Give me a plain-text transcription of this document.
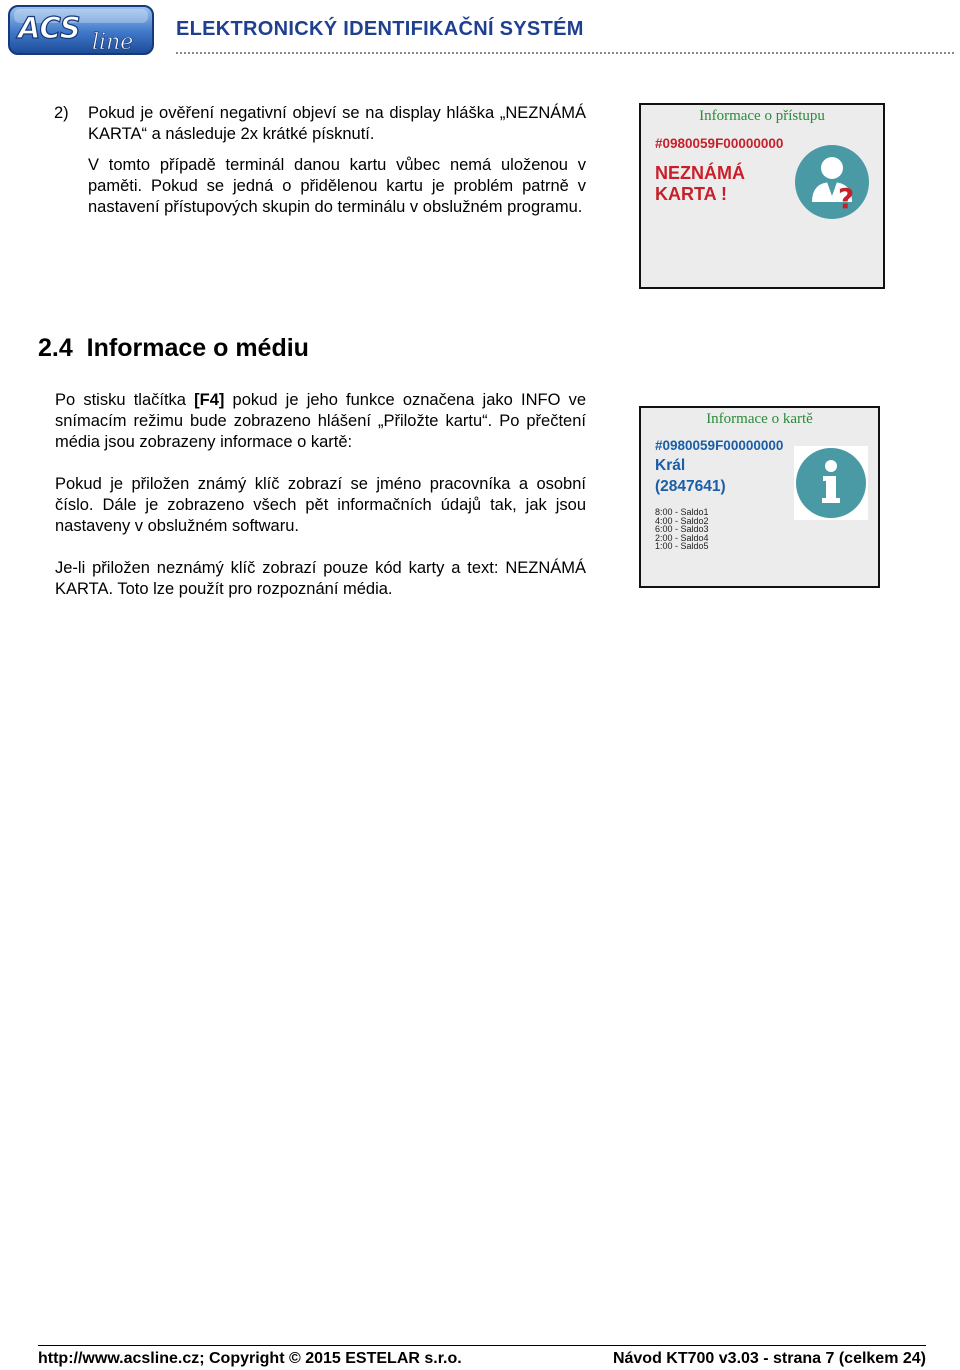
ACS line
ELEKTRONICKÝ IDENTIFIKAČNÍ SYSTÉM
2) Pokud je ověření negativní objeví se na display hláška „NEZNÁMÁ KARTA“ a následuje 2x krátké písknutí.

V tomto případě terminál danou kartu vůbec nemá uloženou v paměti. Pokud se jedná o přidělenou kartu je problém patrně v nastavení přístupových skupin do terminálu v obslužném programu.

Informace o přístupu
#0980059F00000000
NEZNÁMÁ
KARTA !	?
2.4 Informace o médiu

Po stisku tlačítka [F4] pokud je jeho funkce označena jako INFO ve snímacím režimu bude zobrazeno hlášení „Přiložte kartu“. Po přečtení média jsou zobrazeny informace o kartě:

Pokud je přiložen známý klíč zobrazí se jméno pracovníka a osobní číslo. Dále je zobrazeno všech pět informačních údajů tak, jak jsou nastaveny v obslužném softwaru.

Je-li přiložen neznámý klíč zobrazí pouze kód karty a text: NEZNÁMÁ KARTA. Toto lze použít pro rozpoznání média.

Informace o kartě
#0980059F00000000
Král
(2847641)
8:00 - Saldo1
4:00 - Saldo2
6:00 - Saldo3
2:00 - Saldo4
1:00 - Saldo5
http://www.acsline.cz; Copyright © 2015 ESTELAR s.r.o.	Návod KT700 v3.03 - strana 7 (celkem 24)
